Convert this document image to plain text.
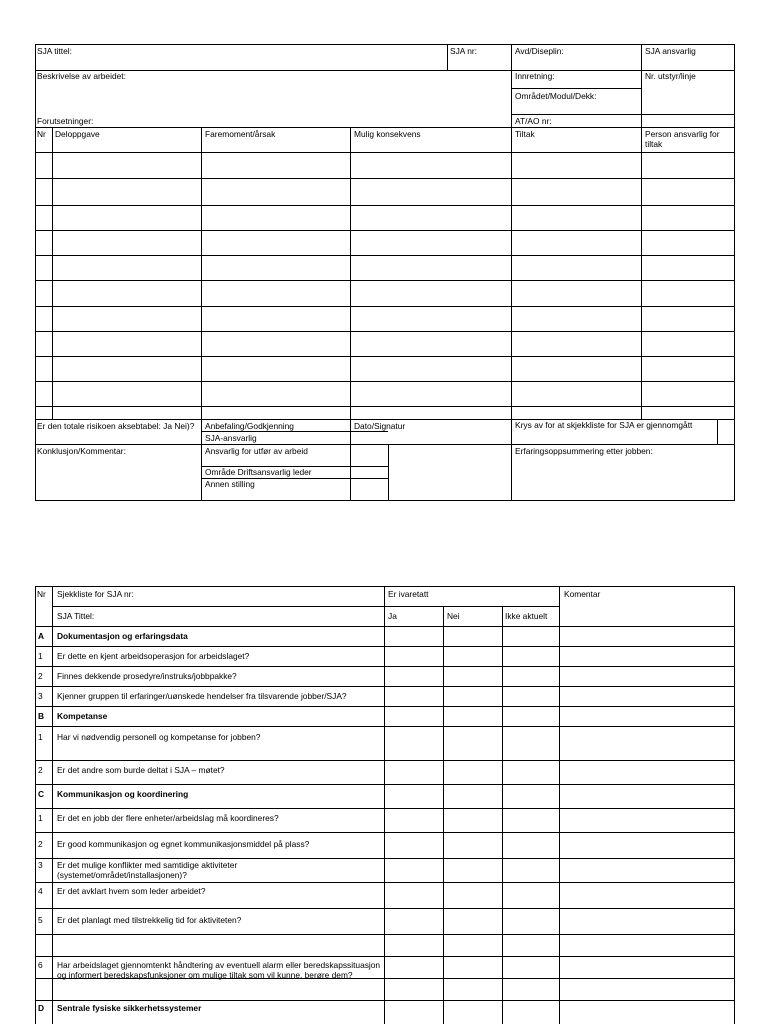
SJA tittel:	SJA nr:	Avd/Diseplin:	SJA ansvarlig
Beskrivelse av arbeidet:	Innretning:	Nr. utstyr/linje
Området/Modul/Dekk:
Forutsetninger:	AT/AO nr:
Nr Deloppgave	Faremoment/årsak	Mulig konsekvens	Tiltak	Person ansvarlig for tiltak
Er den totale risikoen aksebtabel: Ja Nei)?	Anbefaling/Godkjenning	Dato/Signatur	Krys av for at skjekkliste for SJA er gjennomgått
SJA-ansvarlig
Konklusjon/Kommentar:	Ansvarlig for utfør av arbeid	Erfaringsoppsummering etter jobben:
Område Driftsansvarlig leder
Annen stilling
Nr Sjekkliste for SJA nr:	Er ivaretatt	Komentar
SJA Tittel:	Ja	Nei	Ikke aktuelt
A Dokumentasjon og erfaringsdata
1 Er dette en kjent arbeidsoperasjon for arbeidslaget?
2 Finnes dekkende prosedyre/instruks/jobbpakke?
3 Kjenner gruppen til erfaringer/uønskede hendelser fra tilsvarende jobber/SJA?
B Kompetanse
1 Har vi nødvendig personell og kompetanse for jobben?
2 Er det andre som burde deltat i SJA – møtet?
C Kommunikasjon og koordinering
1 Er det en jobb der flere enheter/arbeidslag må koordineres?
2 Er good kommunikasjon og egnet kommunikasjonsmiddel på plass?
3 Er det mulige konflikter med samtidige aktiviteter (systemet/området/installasjonen)?
4 Er det avklart hvem som leder arbeidet?
5 Er det planlagt med tilstrekkelig tid for aktiviteten?
6 Har arbeidslaget gjennomtenkt håndtering av eventuell alarm eller beredskapssituasjon og informert beredskapsfunksjoner om mulige tiltak som vil kunne, berøre dem?
D Sentrale fysiske sikkerhetssystemer
